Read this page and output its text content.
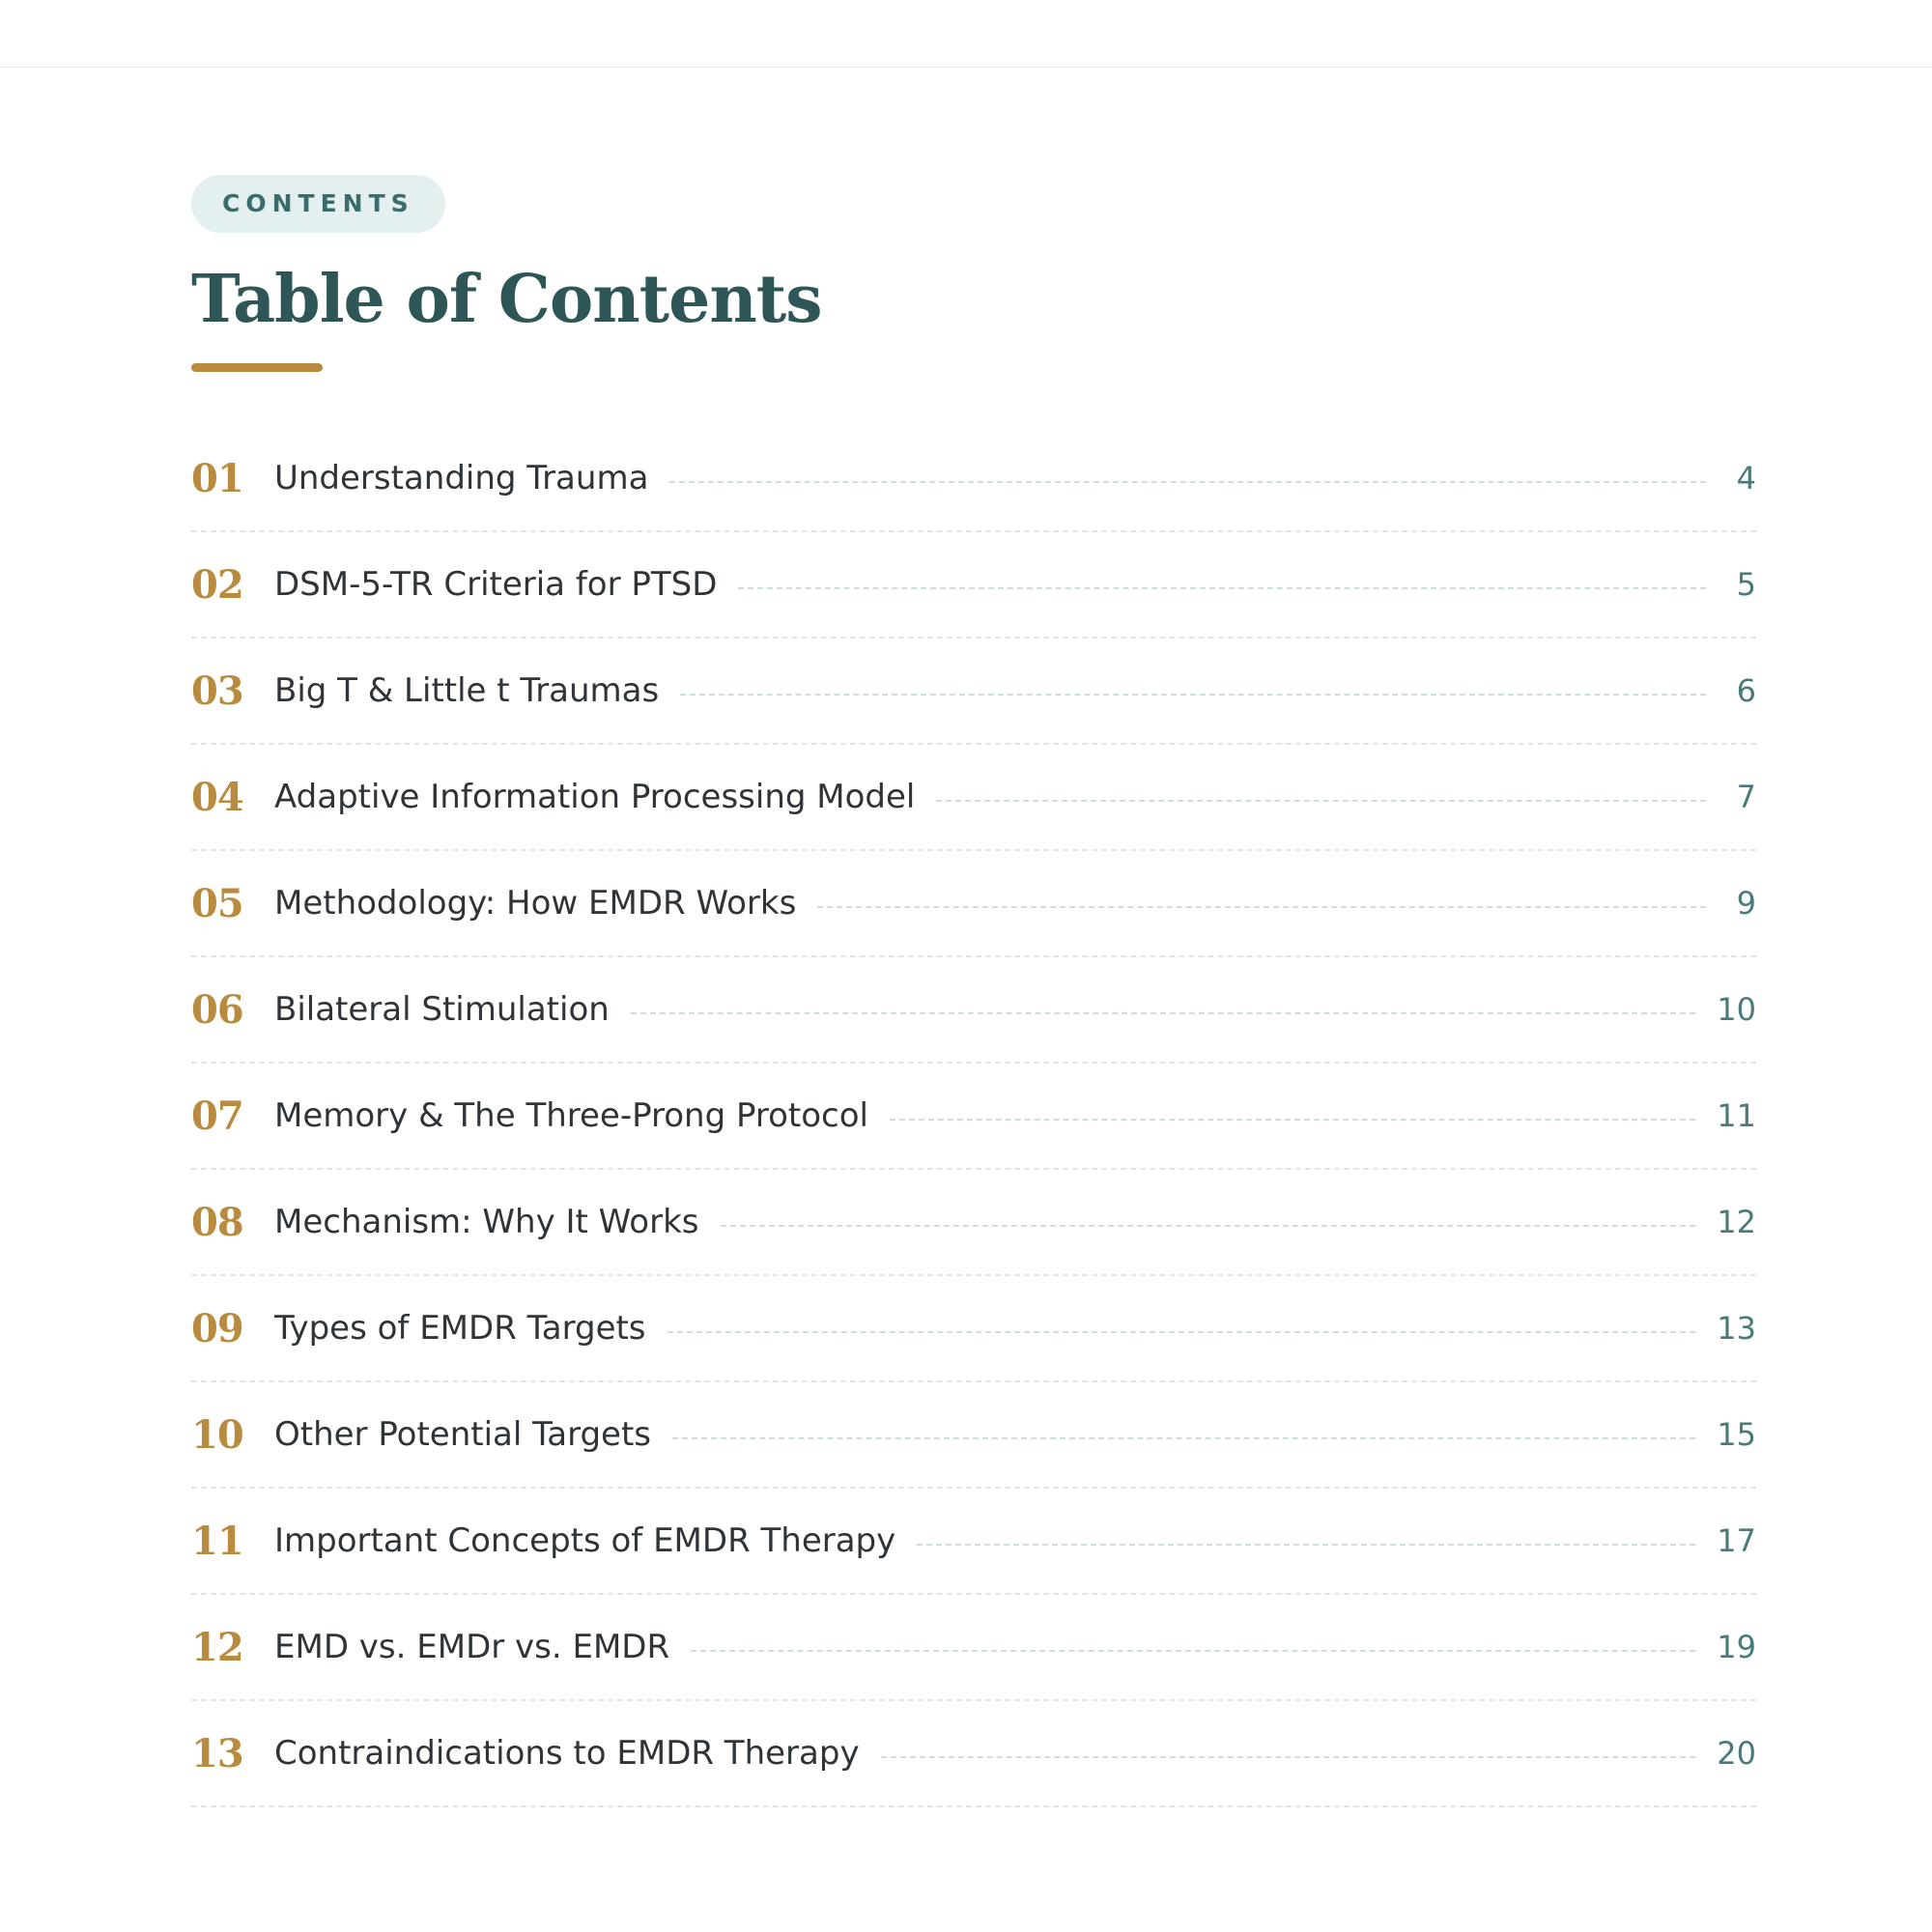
CONTENTS
Table of Contents
01 Understanding Trauma	4
02 DSM-5-TR Criteria for PTSD	5
03 Big T & Little t Traumas	6
04 Adaptive Information Processing Model	7
05 Methodology: How EMDR Works	9
06 Bilateral Stimulation	10
07 Memory & The Three-Prong Protocol	11
08 Mechanism: Why It Works	12
09 Types of EMDR Targets	13
10 Other Potential Targets	15
11 Important Concepts of EMDR Therapy	17
12 EMD vs. EMDr vs. EMDR	19
13 Contraindications to EMDR Therapy	20
